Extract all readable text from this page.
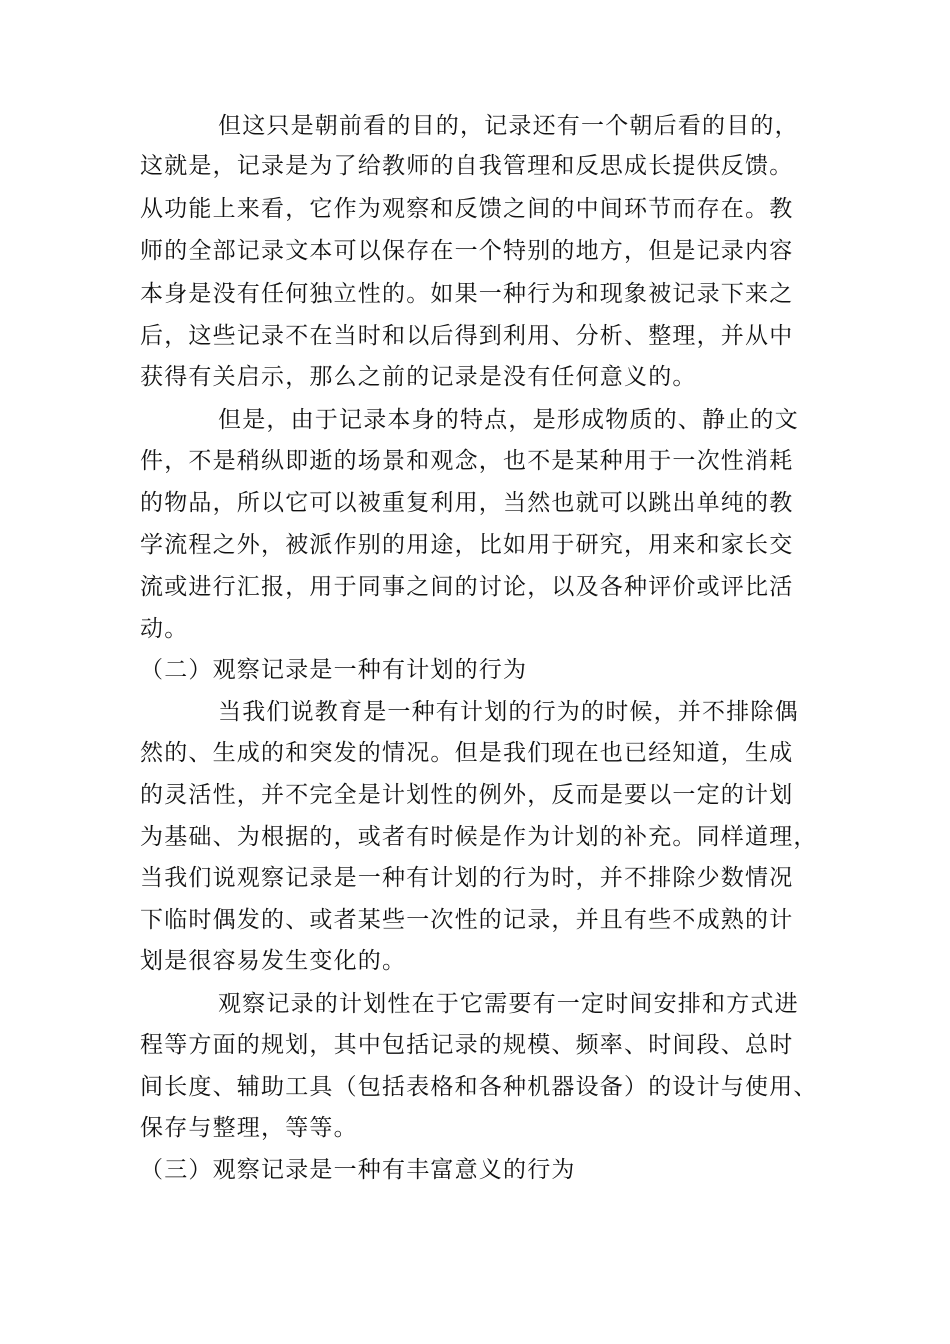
但这只是朝前看的目的，记录还有一个朝后看的目的，
这就是，记录是为了给教师的自我管理和反思成长提供反馈。
从功能上来看，它作为观察和反馈之间的中间环节而存在。教
师的全部记录文本可以保存在一个特别的地方，但是记录内容
本身是没有任何独立性的。如果一种行为和现象被记录下来之
后，这些记录不在当时和以后得到利用、分析、整理，并从中
获得有关启示，那么之前的记录是没有任何意义的。
但是，由于记录本身的特点，是形成物质的、静止的文
件，不是稍纵即逝的场景和观念，也不是某种用于一次性消耗
的物品，所以它可以被重复利用，当然也就可以跳出单纯的教
学流程之外，被派作别的用途，比如用于研究，用来和家长交
流或进行汇报，用于同事之间的讨论，以及各种评价或评比活
动。
（二）观察记录是一种有计划的行为
当我们说教育是一种有计划的行为的时候，并不排除偶
然的、生成的和突发的情况。但是我们现在也已经知道，生成
的灵活性，并不完全是计划性的例外，反而是要以一定的计划
为基础、为根据的，或者有时候是作为计划的补充。同样道理，
当我们说观察记录是一种有计划的行为时，并不排除少数情况
下临时偶发的、或者某些一次性的记录，并且有些不成熟的计
划是很容易发生变化的。
观察记录的计划性在于它需要有一定时间安排和方式进
程等方面的规划，其中包括记录的规模、频率、时间段、总时
间长度、辅助工具（包括表格和各种机器设备）的设计与使用、
保存与整理，等等。
（三）观察记录是一种有丰富意义的行为
